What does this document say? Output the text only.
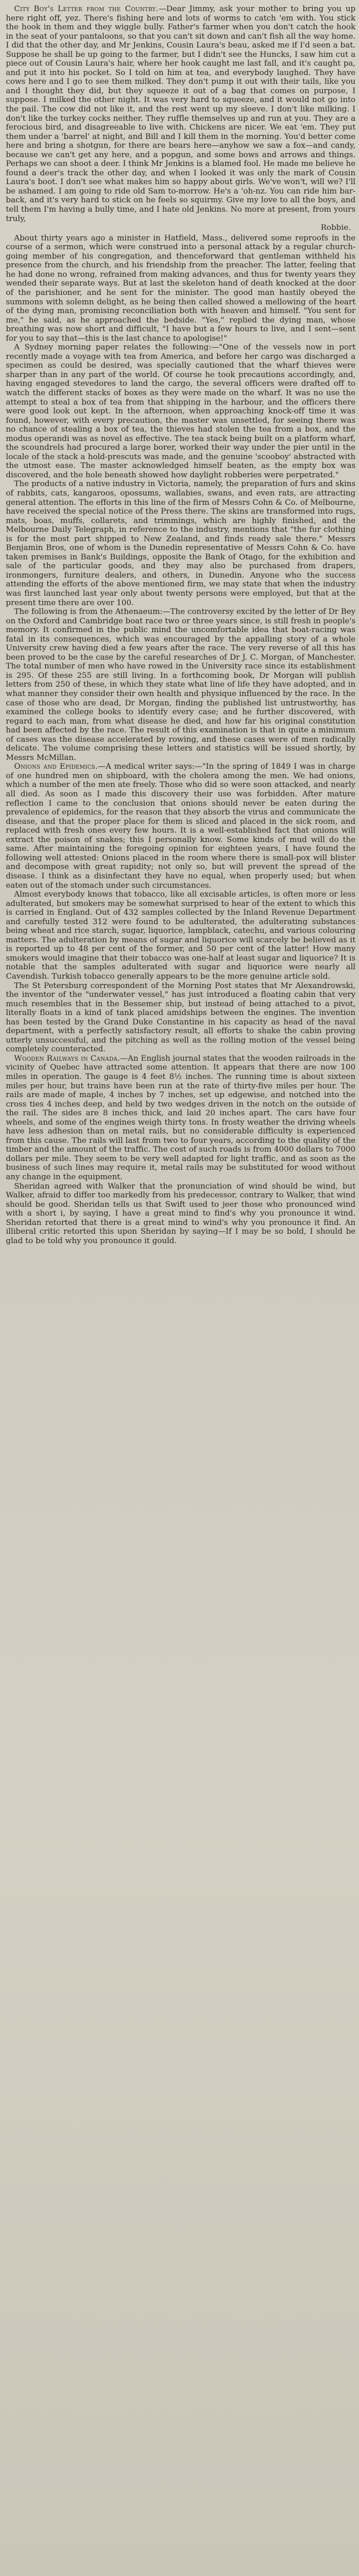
City Boy's Letter from the Country.—Dear Jimmy, ask your mother to bring you up here right off, yez. There's fishing here and lots of worms to catch 'em with. You stick the hook in them and they wiggle bully. Father's farmer when you don't catch the hook in the seat of your pantaloons, so that you can't sit down and can't fish all the way home. I did that the other day, and Mr Jenkins, Cousin Laura's beau, asked me if I'd seen a bat. Suppose he shall be up going to the farmer, but I didn't see the Huncks, I saw him cut a piece out of Cousin Laura's hair, where her hook caught me last fall, and it's caught pa, and put it into his pocket. So I told on him at tea, and everybody laughed. They have cows here and I go to see them milked. They don't pump it out with their tails, like you and I thought they did, but they squeeze it out of a bag that comes on purpose, I suppose. I milked the other night. It was very hard to squeeze, and it would not go into the pail. The cow did not like it, and the rest went up my sleeve. I don't like milking. I don't like the turkey cocks neither. They ruffle themselves up and run at you. They are a ferocious bird, and disagreeable to live with. Chickens are nicer. We eat 'em. They put them under a 'barrel' at night, and Bill and I kill them in the morning. You'd better come here and bring a shotgun, for there are bears here—anyhow we saw a fox—and candy, because we can't get any here, and a popgun, and some bows and arrows and things. Perhaps we can shoot a deer. I think Mr Jenkins is a blamed fool. He made me believe he found a deer's track the other day, and when I looked it was only the mark of Cousin Laura's boot. I don't see what makes him so happy about girls. We've won't, will we? I'll be ashamed. I am going to ride old Sam to-morrow. He's a 'oh-nz. You can ride him bar-back, and it's very hard to stick on he feels so squirmy. Give my love to all the boys, and tell them I'm having a bully time, and I hate old Jenkins. No more at present, from yours truly,

Robbie.

About thirty years ago a minister in Hatfield, Mass., delivered some reproofs in the course of a sermon, which were construed into a personal attack by a regular church-going member of his congregation, and thenceforward that gentleman withheld his presence from the church, and his friendship from the preacher. The latter, feeling that he had done no wrong, refrained from making advances, and thus for twenty years they wended their separate ways. But at last the skeleton hand of death knocked at the door of the parishioner, and he sent for the minister. The good man hastily obeyed the summons with solemn delight, as he being then called showed a mellowing of the heart of the dying man, promising reconciliation both with heaven and himself. "You sent for me," he said, as he approached the bedside. "Yes," replied the dying man, whose breathing was now short and difficult, "I have but a few hours to live, and I sent—sent for you to say that—this is the last chance to apologise!"

A Sydney morning paper relates the following:—"One of the vessels now in port recently made a voyage with tea from America, and before her cargo was discharged a specimen as could be desired, was specially cautioned that the wharf thieves were sharper than in any part of the world. Of course he took precautions accordingly, and, having engaged stevedores to land the cargo, the several officers were drafted off to watch the different stacks of boxes as they were made on the wharf. It was no use the attempt to steal a box of tea from that shipping in the harbour, and the officers there were good look out kept. In the afternoon, when approaching knock-off time it was found, however, with every precaution, the master was unsettled, for seeing there was no chance of stealing a box of tea, the thieves had stolen the tea from a box, and the modus operandi was as novel as effective. The tea stack being built on a platform wharf, the scoundrels had procured a large borer, worked their way under the pier until in the locale of the stack a hold-prescuts was made, and the genuine 'scooboy' abstracted with the utmost ease. The master acknowledged himself beaten, as the empty box was discovered, and the hole beneath showed how daylight robberies were perpetrated."

The products of a native industry in Victoria, namely, the preparation of furs and skins of rabbits, cats, kangaroos, opossums, wallabies, swans, and even rats, are attracting general attention. The efforts in this line of the firm of Messrs Cohn & Co. of Melbourne, have received the special notice of the Press there. The skins are transformed into rugs, mats, boas, muffs, collarets, and trimmings, which are highly finished, and the Melbourne Daily Telegraph, in reference to the industry, mentions that "the fur clothing is for the most part shipped to New Zealand, and finds ready sale there." Messrs Benjamin Bros, one of whom is the Dunedin representative of Messrs Cohn & Co. have taken premises in Bank's Buildings, opposite the Bank of Otago, for the exhibition and sale of the particular goods, and they may also be purchased from drapers, ironmongers, furniture dealers, and others, in Dunedin. Anyone who the success attending the efforts of the above mentioned firm, we may state that when the industry was first launched last year only about twenty persons were employed, but that at the present time there are over 100.

The following is from the Athenaeum:—The controversy excited by the letter of Dr Bey on the Oxford and Cambridge boat race two or three years since, is still fresh in people's memory. It confirmed in the public mind the uncomfortable idea that boat-racing was fatal in its consequences, which was encouraged by the appalling story of a whole University crew having died a few years after the race. The very reverse of all this has been proved to be the case by the careful researches of Dr J. C. Morgan, of Manchester. The total number of men who have rowed in the University race since its establishment is 295. Of these 255 are still living. In a forthcoming book, Dr Morgan will publish letters from 250 of these, in which they state what line of life they have adopted, and in what manner they consider their own health and physique influenced by the race. In the case of those who are dead, Dr Morgan, finding the published list untrustworthy, has examined the college books to identify every case; and he further discovered, with regard to each man, from what disease he died, and how far his original constitution had been affected by the race. The result of this examination is that in quite a minimum of cases was the disease accelerated by rowing, and these cases were of men radically delicate. The volume comprising these letters and statistics will be issued shortly, by Messrs McMillan.

Onions and Epidemics.—A medical writer says:—"In the spring of 1849 I was in charge of one hundred men on shipboard, with the cholera among the men. We had onions, which a number of the men ate freely. Those who did so were soon attacked, and nearly all died. As soon as I made this discovery their use was forbidden. After mature reflection I came to the conclusion that onions should never be eaten during the prevalence of epidemics, for the reason that they absorb the virus and communicate the disease, and that the proper place for them is sliced and placed in the sick room, and replaced with fresh ones every few hours. It is a well-established fact that onions will extract the poison of snakes; this I personally know. Some kinds of mud will do the same. After maintaining the foregoing opinion for eighteen years, I have found the following well attested: Onions placed in the room where there is small-pox will blister and decompose with great rapidity; not only so, but will prevent the spread of the disease. I think as a disinfectant they have no equal, when properly used; but when eaten out of the stomach under such circumstances.

Almost everybody knows that tobacco, like all excisable articles, is often more or less adulterated, but smokers may be somewhat surprised to hear of the extent to which this is carried in England. Out of 432 samples collected by the Inland Revenue Department and carefully tested 312 were found to be adulterated, the adulterating substances being wheat and rice starch, sugar, liquorice, lampblack, catechu, and various colouring matters. The adulteration by means of sugar and liquorice will scarcely be believed as it is reported up to 48 per cent of the former, and 50 per cent of the latter! How many smokers would imagine that their tobacco was one-half at least sugar and liquorice? It is notable that the samples adulterated with sugar and liquorice were nearly all Cavendish. Turkish tobacco generally appears to be the more genuine article sold.

The St Petersburg correspondent of the Morning Post states that Mr Alexandrowski, the inventor of the "underwater vessel," has just introduced a floating cabin that very much resembles that in the Bessemer ship, but instead of being attached to a pivot, literally floats in a kind of tank placed amidships between the engines. The invention has been tested by the Grand Duke Constantine in his capacity as head of the naval department, with a perfectly satisfactory result, all efforts to shake the cabin proving utterly unsuccessful, and the pitching as well as the rolling motion of the vessel being completely counteracted.

Wooden Railways in Canada.—An English journal states that the wooden railroads in the vicinity of Quebec have attracted some attention. It appears that there are now 100 miles in operation. The gauge is 4 feet 8½ inches. The running time is about sixteen miles per hour, but trains have been run at the rate of thirty-five miles per hour. The rails are made of maple, 4 inches by 7 inches, set up edgewise, and notched into the cross ties 4 inches deep, and held by two wedges driven in the notch on the outside of the rail. The sides are 8 inches thick, and laid 20 inches apart. The cars have four wheels, and some of the engines weigh thirty tons. In frosty weather the driving wheels have less adhesion than on metal rails, but no considerable difficulty is experienced from this cause. The rails will last from two to four years, according to the quality of the timber and the amount of the traffic. The cost of such roads is from 4000 dollars to 7000 dollars per mile. They seem to be very well adapted for light traffic, and as soon as the business of such lines may require it, metal rails may be substituted for wood without any change in the equipment.

Sheridan agreed with Walker that the pronunciation of wind should be wind, but Walker, afraid to differ too markedly from his predecessor, contrary to Walker, that wind should be good. Sheridan tells us that Swift used to jeer those who pronounced wind with a short i, by saying, I have a great mind to find's why you pronounce it wind. Sheridan retorted that there is a great mind to wind's why you pronounce it find. An illiberal critic retorted this upon Sheridan by saying—If I may be so bold, I should be glad to be told why you pronounce it gould.
